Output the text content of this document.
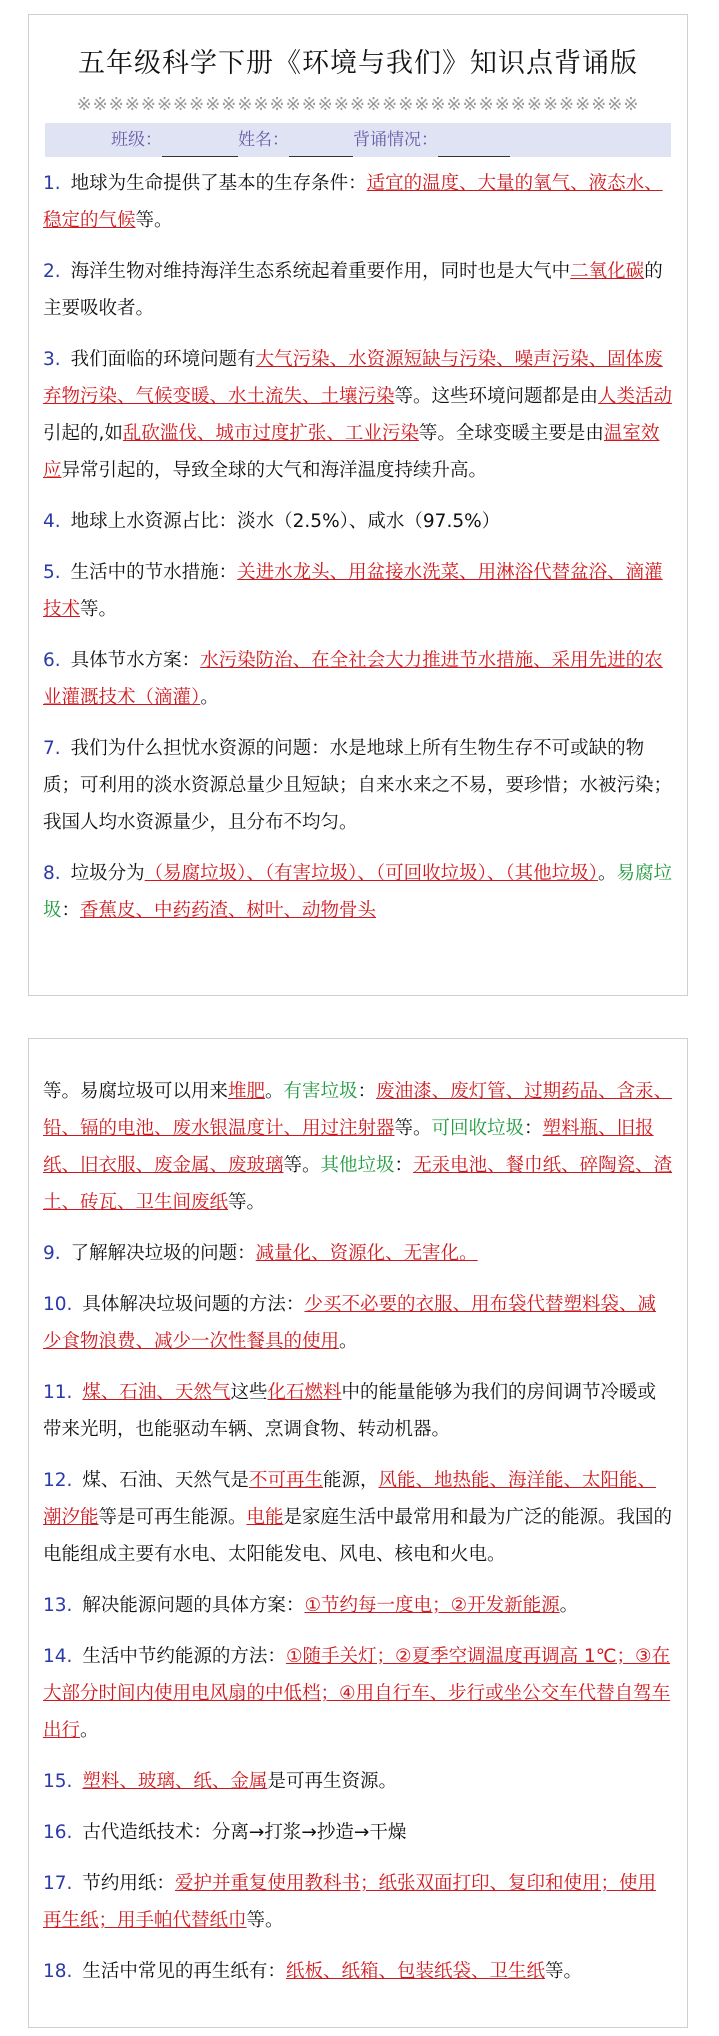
五年级科学下册《环境与我们》知识点背诵版
※※※※※※※※※※※※※※※※※※※※※※※※※※※※※※※※※※※
班级：	姓名：	背诵情况：
1. 地球为生命提供了基本的生存条件：适宜的温度、大量的氧气、液态水、稳定的气候等。
2. 海洋生物对维持海洋生态系统起着重要作用，同时也是大气中二氧化碳的主要吸收者。
3. 我们面临的环境问题有大气污染、水资源短缺与污染、噪声污染、固体废弃物污染、气候变暖、水土流失、土壤污染等。这些环境问题都是由人类活动引起的,如乱砍滥伐、城市过度扩张、工业污染等。全球变暖主要是由温室效应异常引起的，导致全球的大气和海洋温度持续升高。
4. 地球上水资源占比：淡水（2.5%）、咸水（97.5%）
5. 生活中的节水措施：关进水龙头、用盆接水洗菜、用淋浴代替盆浴、滴灌技术等。
6. 具体节水方案：水污染防治、在全社会大力推进节水措施、采用先进的农业灌溉技术（滴灌）。
7. 我们为什么担忧水资源的问题：水是地球上所有生物生存不可或缺的物质；可利用的淡水资源总量少且短缺；自来水来之不易，要珍惜；水被污染；我国人均水资源量少，且分布不均匀。
8. 垃圾分为（易腐垃圾）、（有害垃圾）、（可回收垃圾）、（其他垃圾）。易腐垃圾：香蕉皮、中药药渣、树叶、动物骨头
等。易腐垃圾可以用来堆肥。有害垃圾：废油漆、废灯管、过期药品、含汞、铅、镉的电池、废水银温度计、用过注射器等。可回收垃圾：塑料瓶、旧报纸、旧衣服、废金属、废玻璃等。其他垃圾：无汞电池、餐巾纸、碎陶瓷、渣土、砖瓦、卫生间废纸等。
9. 了解解决垃圾的问题：减量化、资源化、无害化。
10. 具体解决垃圾问题的方法：少买不必要的衣服、用布袋代替塑料袋、减少食物浪费、减少一次性餐具的使用。
11. 煤、石油、天然气这些化石燃料中的能量能够为我们的房间调节冷暖或带来光明，也能驱动车辆、烹调食物、转动机器。
12. 煤、石油、天然气是不可再生能源，风能、地热能、海洋能、太阳能、潮汐能等是可再生能源。电能是家庭生活中最常用和最为广泛的能源。我国的电能组成主要有水电、太阳能发电、风电、核电和火电。
13. 解决能源问题的具体方案：①节约每一度电；②开发新能源。
14. 生活中节约能源的方法：①随手关灯；②夏季空调温度再调高 1℃；③在大部分时间内使用电风扇的中低档；④用自行车、步行或坐公交车代替自驾车出行。
15. 塑料、玻璃、纸、金属是可再生资源。
16. 古代造纸技术：分离→打浆→抄造→干燥
17. 节约用纸：爱护并重复使用教科书；纸张双面打印、复印和使用；使用再生纸；用手帕代替纸巾等。
18. 生活中常见的再生纸有：纸板、纸箱、包装纸袋、卫生纸等。
